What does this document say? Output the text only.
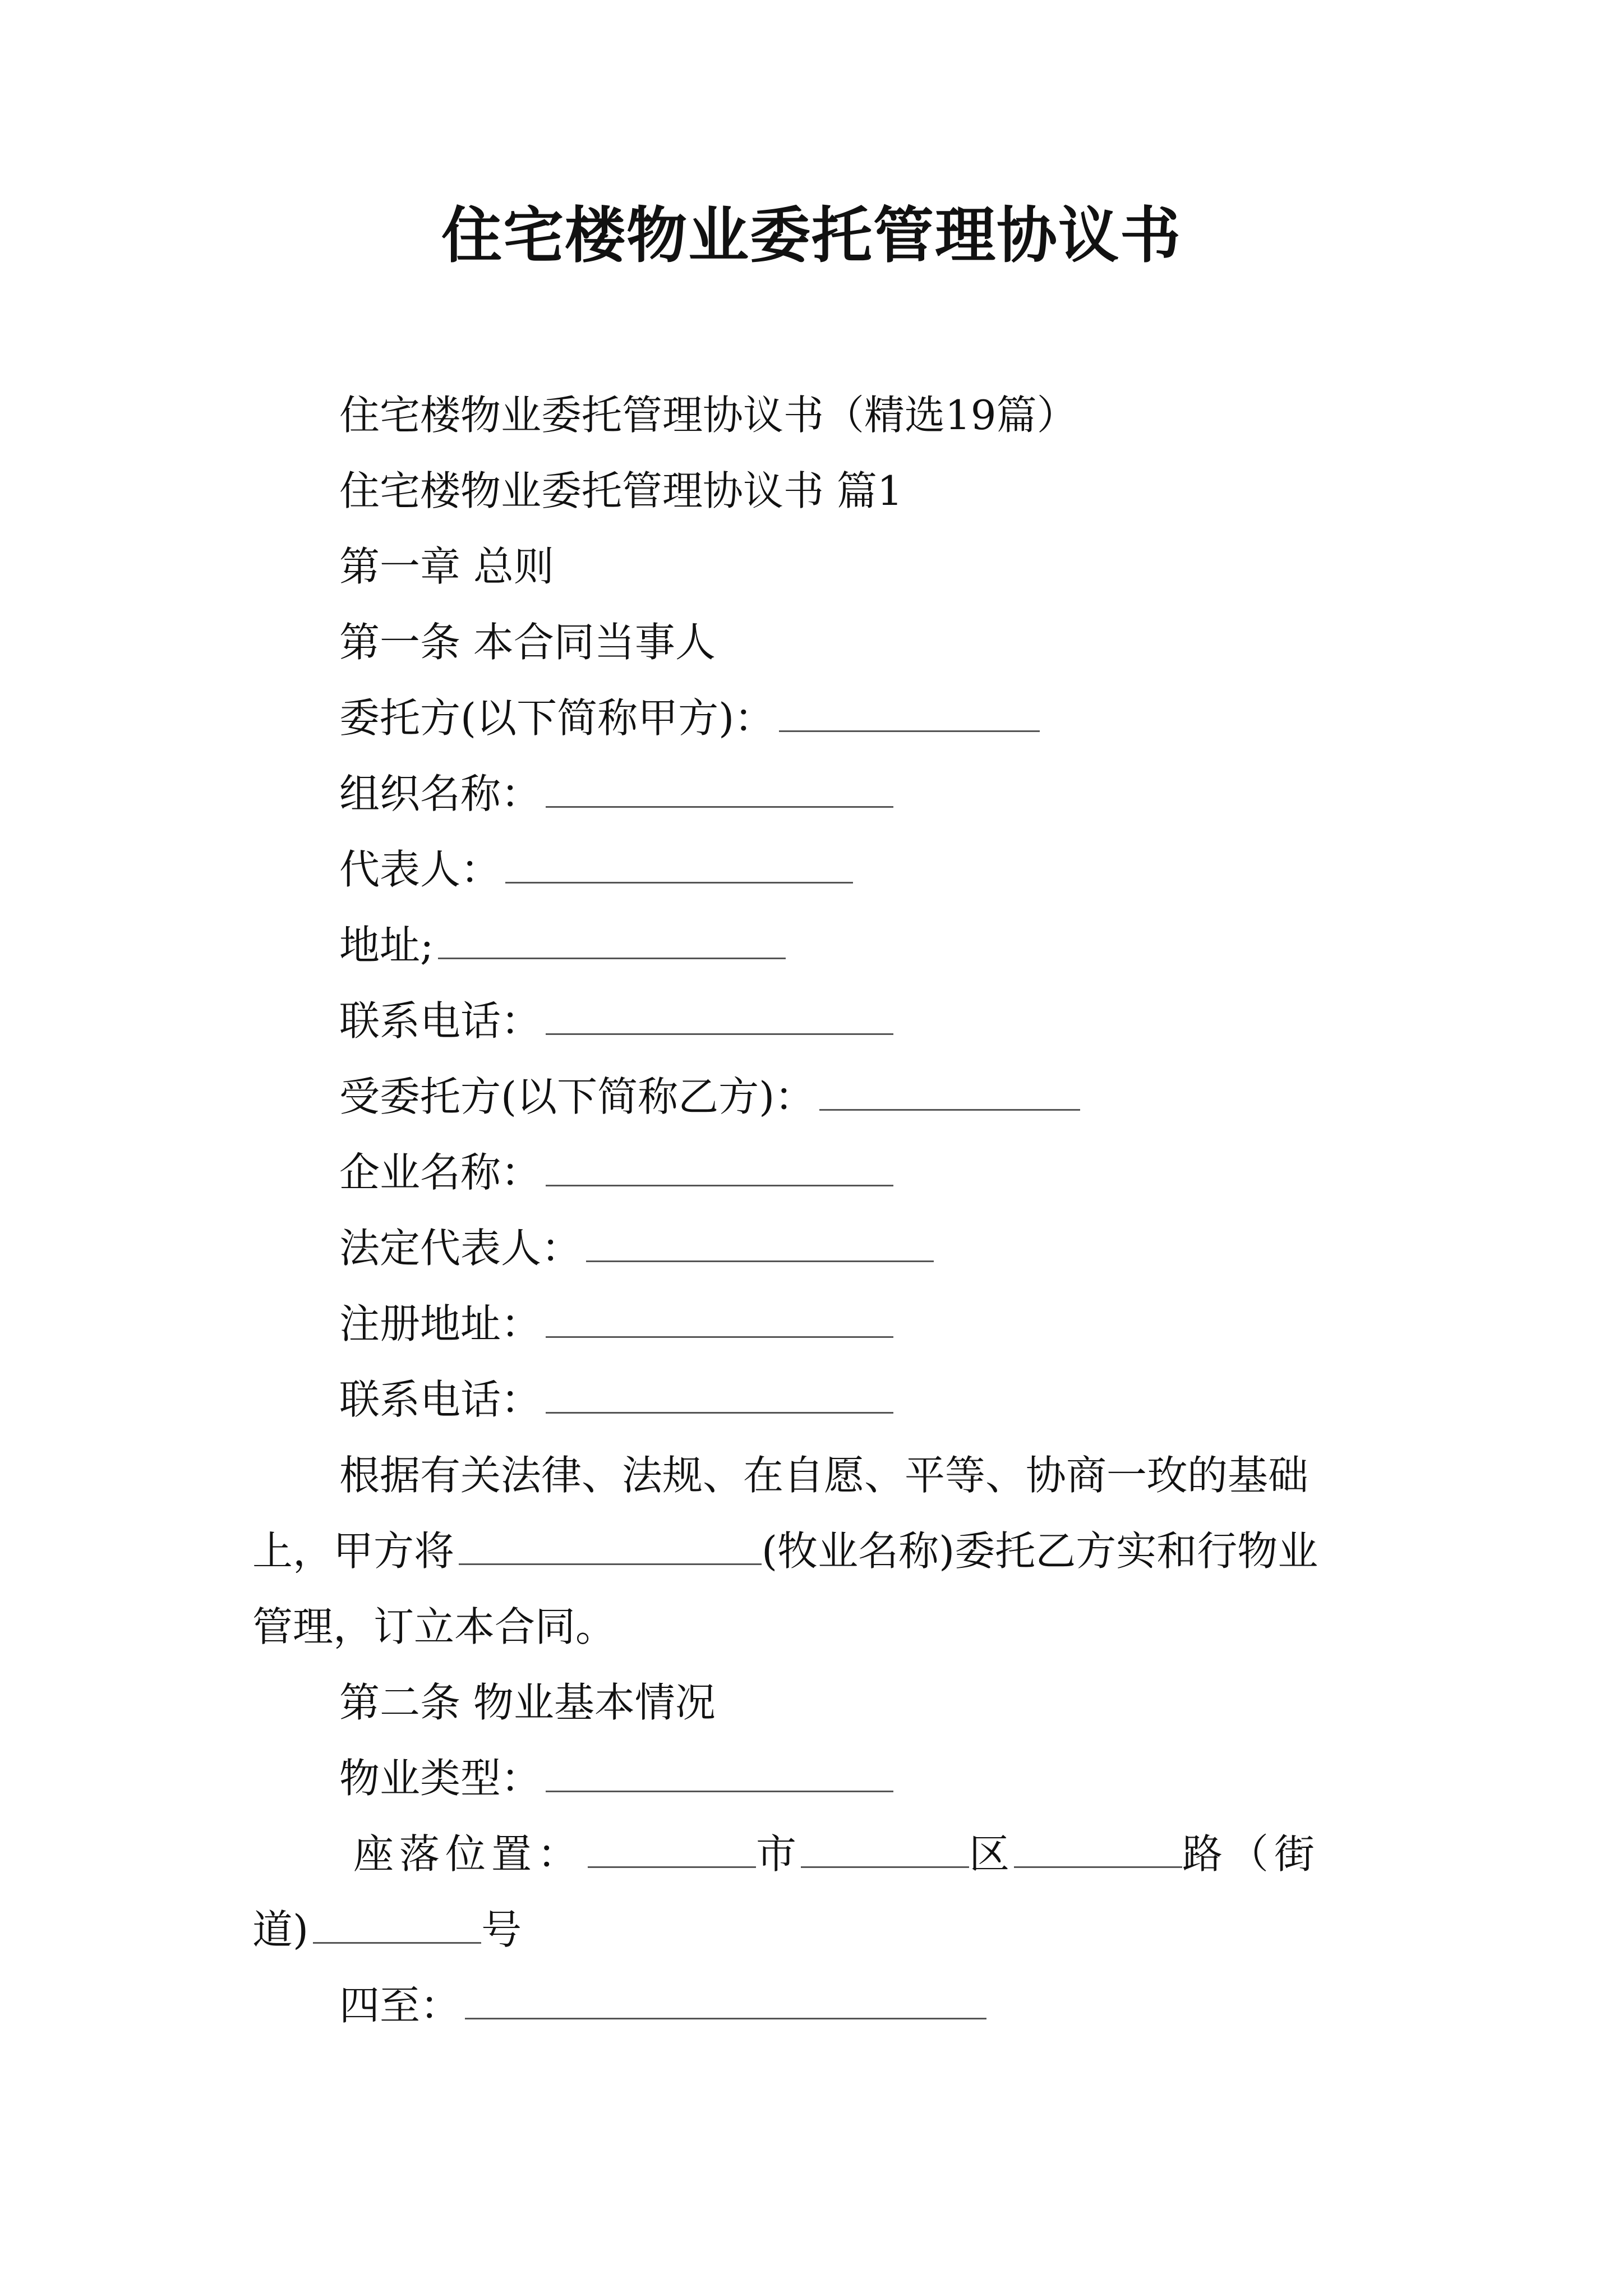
住宅楼物业委托管理协议书
住宅楼物业委托管理协议书（精选19篇）
住宅楼物业委托管理协议书 篇1
第一章 总则
第一条 本合同当事人
委托方(以下简称甲方)：
组织名称：
代表人：
地址;
联系电话：
受委托方(以下简称乙方)：
企业名称：
法定代表人：
注册地址：
联系电话：
根据有关法律、法规、在自愿、平等、协商一玫的基础
上，甲方将	(牧业名称)委托乙方实和行物业
管理，订立本合同。
第二条 物业基本情况
物业类型：
座落位置：	市	区	路（街
道)	号
四至：
